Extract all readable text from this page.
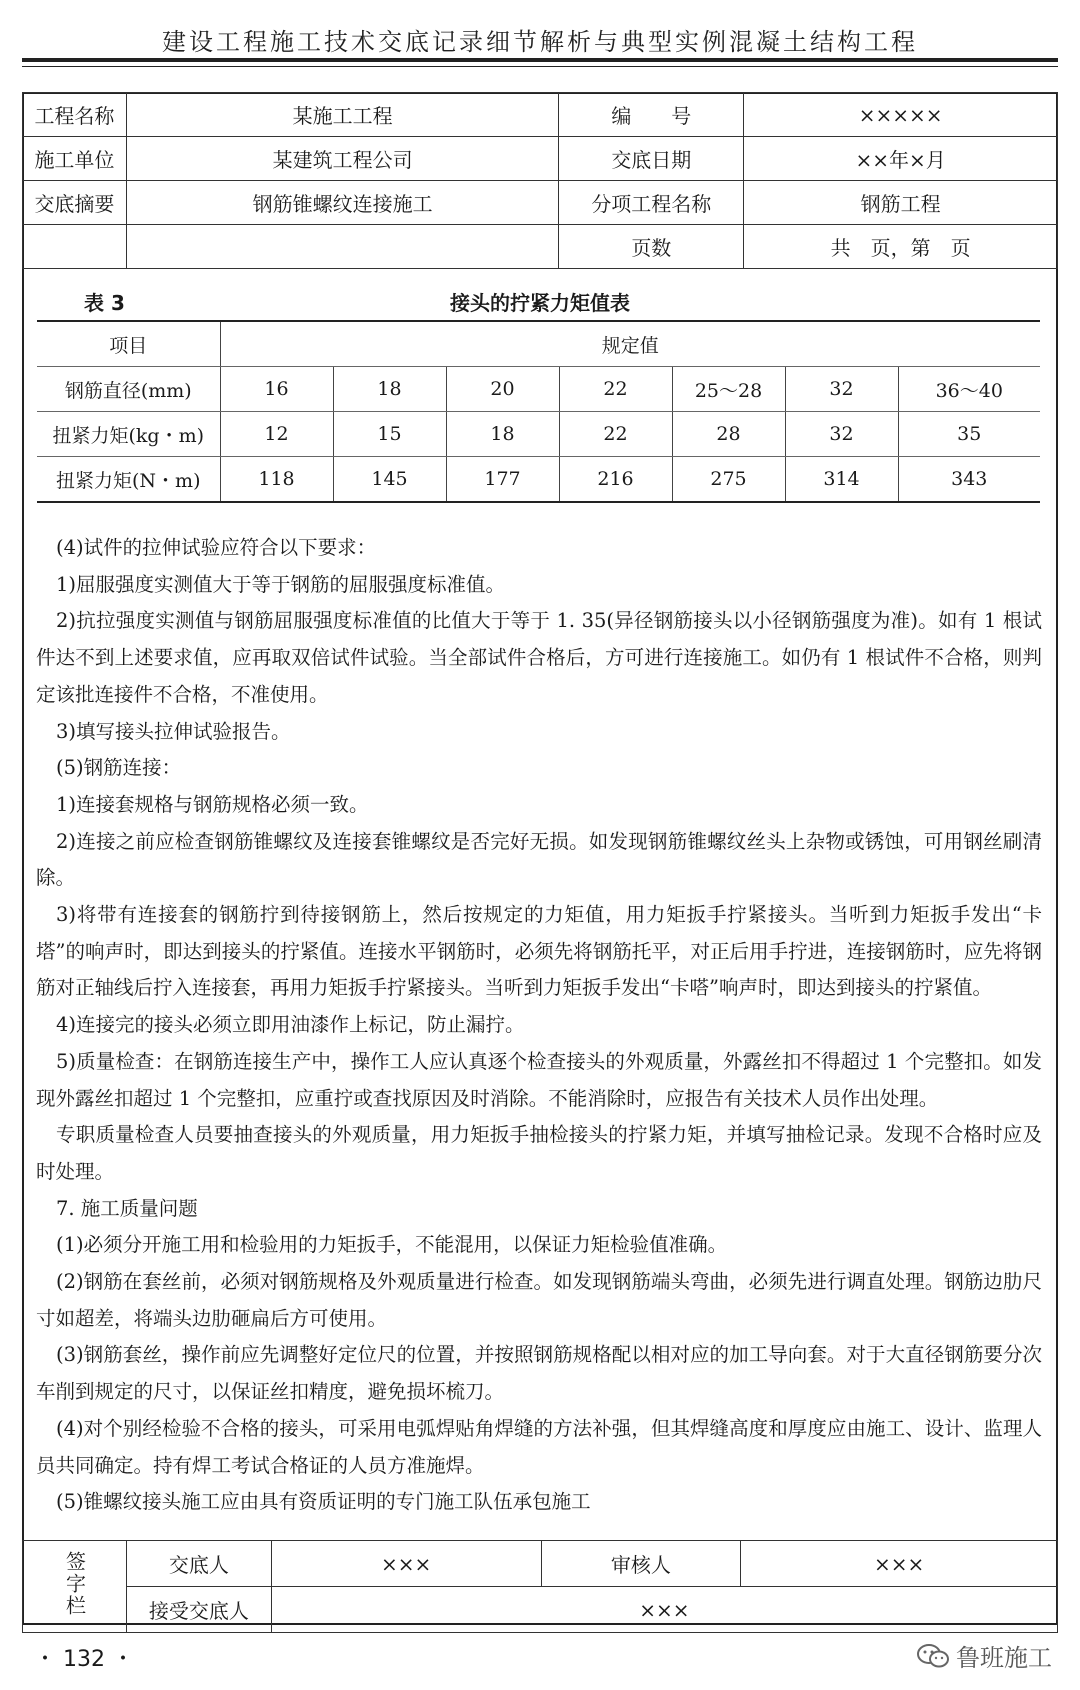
建设工程施工技术交底记录细节解析与典型实例混凝土结构工程
工程名称	某施工工程	编　　号	×××××
施工单位	某建筑工程公司	交底日期	××年×月
交底摘要	钢筋锥螺纹连接施工	分项工程名称	钢筋工程
		页数	共　页，第　页
接头的拧紧力矩值表
表 3
项目	规定值						
钢筋直径(mm)	16	18	20	22	25～28	32	36～40
扭紧力矩(kg・m)	12	15	18	22	28	32	35
扭紧力矩(N・m)	118	145	177	216	275	314	343

(4)试件的拉伸试验应符合以下要求：

1)屈服强度实测值大于等于钢筋的屈服强度标准值。

2)抗拉强度实测值与钢筋屈服强度标准值的比值大于等于 1. 35(异径钢筋接头以小径钢筋强度为准)。如有 1 根试件达不到上述要求值，应再取双倍试件试验。当全部试件合格后，方可进行连接施工。如仍有 1 根试件不合格，则判定该批连接件不合格，不准使用。

3)填写接头拉伸试验报告。

(5)钢筋连接：

1)连接套规格与钢筋规格必须一致。

2)连接之前应检查钢筋锥螺纹及连接套锥螺纹是否完好无损。如发现钢筋锥螺纹丝头上杂物或锈蚀，可用钢丝刷清除。

3)将带有连接套的钢筋拧到待接钢筋上，然后按规定的力矩值，用力矩扳手拧紧接头。当听到力矩扳手发出“卡塔”的响声时，即达到接头的拧紧值。连接水平钢筋时，必须先将钢筋托平，对正后用手拧进，连接钢筋时，应先将钢筋对正轴线后拧入连接套，再用力矩扳手拧紧接头。当听到力矩扳手发出“卡嗒”响声时，即达到接头的拧紧值。

4)连接完的接头必须立即用油漆作上标记，防止漏拧。

5)质量检查：在钢筋连接生产中，操作工人应认真逐个检查接头的外观质量，外露丝扣不得超过 1 个完整扣。如发现外露丝扣超过 1 个完整扣，应重拧或查找原因及时消除。不能消除时，应报告有关技术人员作出处理。

专职质量检查人员要抽查接头的外观质量，用力矩扳手抽检接头的拧紧力矩，并填写抽检记录。发现不合格时应及时处理。

7. 施工质量问题

(1)必须分开施工用和检验用的力矩扳手，不能混用，以保证力矩检验值准确。

(2)钢筋在套丝前，必须对钢筋规格及外观质量进行检查。如发现钢筋端头弯曲，必须先进行调直处理。钢筋边肋尺寸如超差，将端头边肋砸扁后方可使用。

(3)钢筋套丝，操作前应先调整好定位尺的位置，并按照钢筋规格配以相对应的加工导向套。对于大直径钢筋要分次车削到规定的尺寸，以保证丝扣精度，避免损坏梳刀。

(4)对个别经检验不合格的接头，可采用电弧焊贴角焊缝的方法补强，但其焊缝高度和厚度应由施工、设计、监理人员共同确定。持有焊工考试合格证的人员方准施焊。

(5)锥螺纹接头施工应由具有资质证明的专门施工队伍承包施工

签字栏	交底人	×××	审核人	×××
	接受交底人	×××		
・ 132 ・	鲁班施工
